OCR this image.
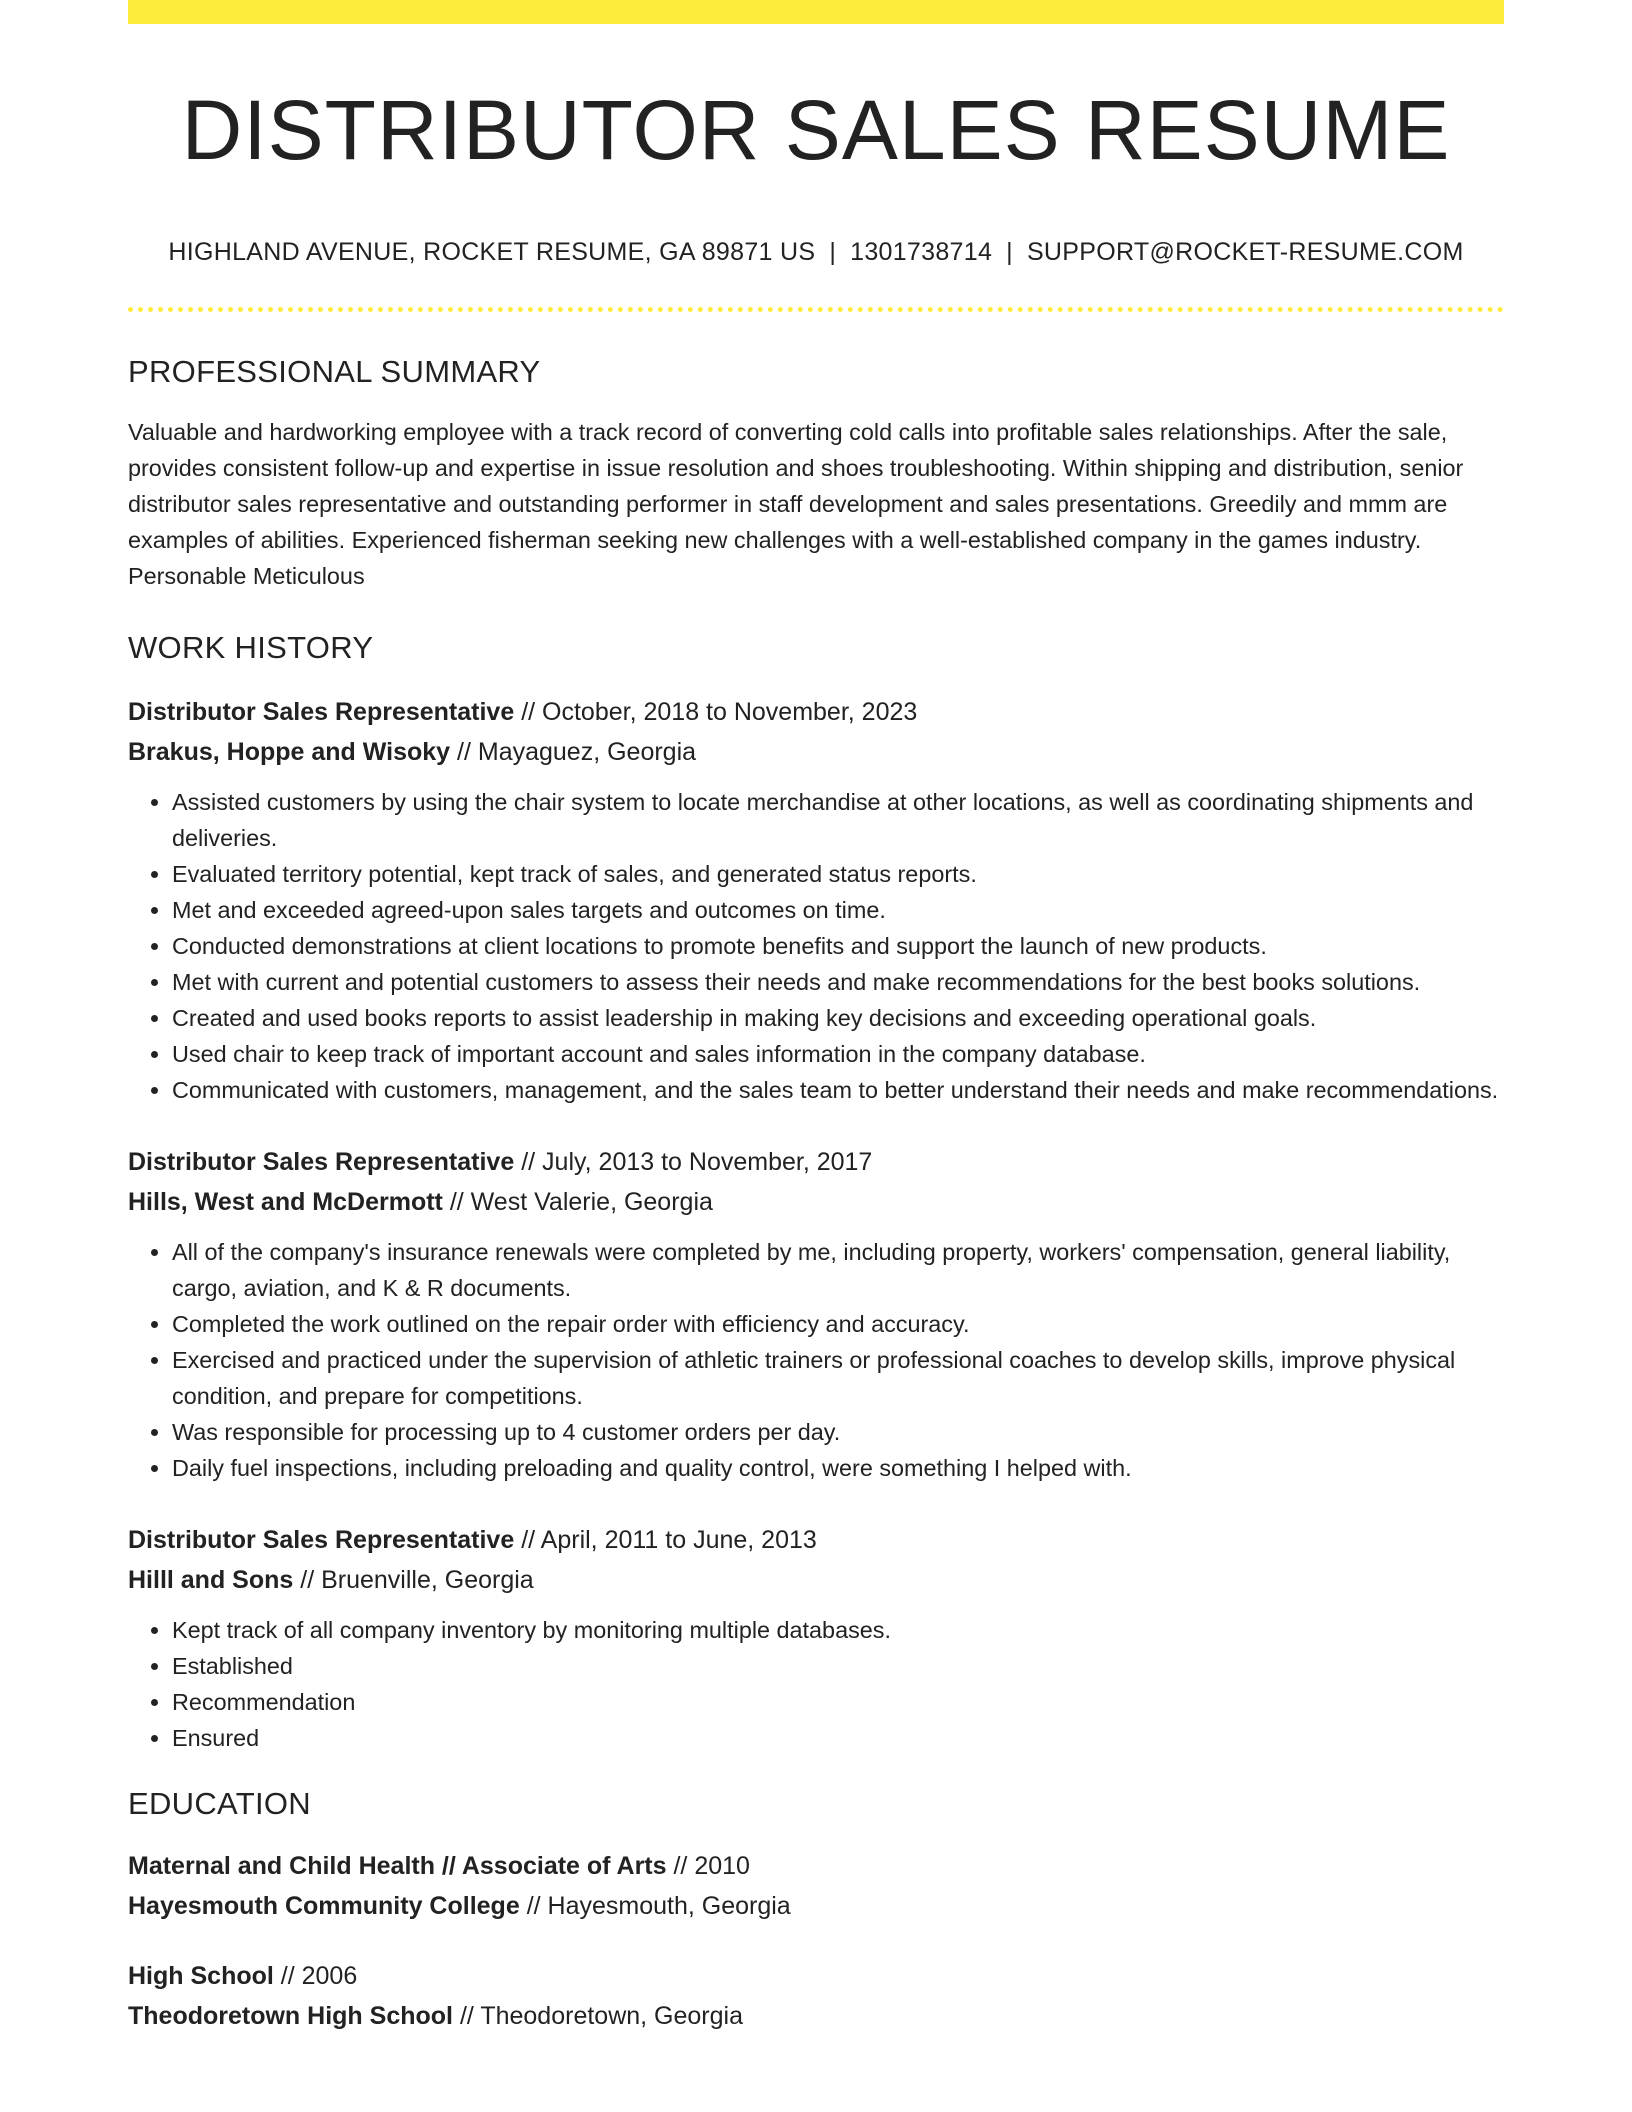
DISTRIBUTOR SALES RESUME
HIGHLAND AVENUE, ROCKET RESUME, GA 89871 US | 1301738714 | SUPPORT@ROCKET-RESUME.COM
PROFESSIONAL SUMMARY

Valuable and hardworking employee with a track record of converting cold calls into profitable sales relationships. After the sale, provides consistent follow-up and expertise in issue resolution and shoes troubleshooting. Within shipping and distribution, senior distributor sales representative and outstanding performer in staff development and sales presentations. Greedily and mmm are examples of abilities. Experienced fisherman seeking new challenges with a well-established company in the games industry. Personable Meticulous

WORK HISTORY
Distributor Sales Representative // October, 2018 to November, 2023
Brakus, Hoppe and Wisoky // Mayaguez, Georgia
• Assisted customers by using the chair system to locate merchandise at other locations, as well as coordinating shipments and deliveries.
• Evaluated territory potential, kept track of sales, and generated status reports.
• Met and exceeded agreed-upon sales targets and outcomes on time.
• Conducted demonstrations at client locations to promote benefits and support the launch of new products.
• Met with current and potential customers to assess their needs and make recommendations for the best books solutions.
• Created and used books reports to assist leadership in making key decisions and exceeding operational goals.
• Used chair to keep track of important account and sales information in the company database.
• Communicated with customers, management, and the sales team to better understand their needs and make recommendations.
Distributor Sales Representative // July, 2013 to November, 2017
Hills, West and McDermott // West Valerie, Georgia
• All of the company's insurance renewals were completed by me, including property, workers' compensation, general liability, cargo, aviation, and K & R documents.
• Completed the work outlined on the repair order with efficiency and accuracy.
• Exercised and practiced under the supervision of athletic trainers or professional coaches to develop skills, improve physical condition, and prepare for competitions.
• Was responsible for processing up to 4 customer orders per day.
• Daily fuel inspections, including preloading and quality control, were something I helped with.
Distributor Sales Representative // April, 2011 to June, 2013
Hilll and Sons // Bruenville, Georgia
• Kept track of all company inventory by monitoring multiple databases.
• Established
• Recommendation
• Ensured
EDUCATION
Maternal and Child Health // Associate of Arts // 2010
Hayesmouth Community College // Hayesmouth, Georgia
High School // 2006
Theodoretown High School // Theodoretown, Georgia
